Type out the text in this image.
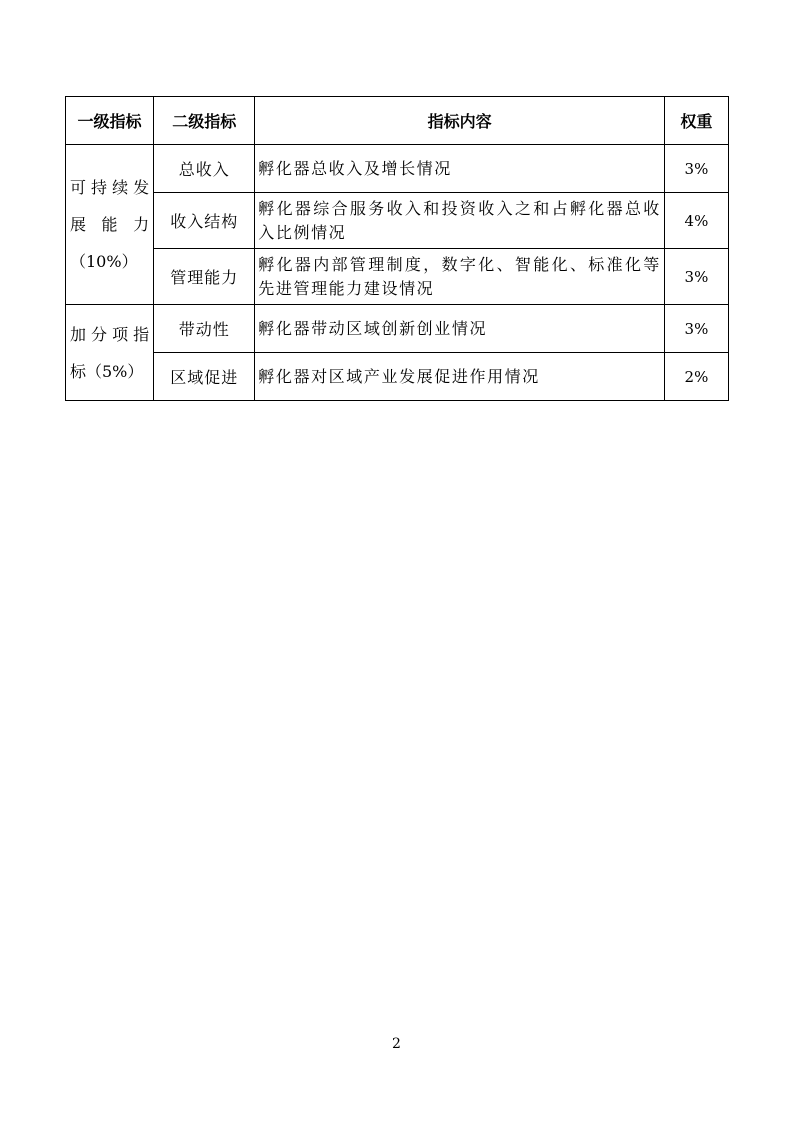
一级指标	二级指标	指标内容	权重
可持续发展 能 力
（10%）	总收入	孵化器总收入及增长情况	3%
	收入结构	孵化器综合服务收入和投资收入之和占孵化器总收入比例情况	4%
	管理能力	孵化器内部管理制度，数字化、智能化、标准化等先进管理能力建设情况	3%
加分项指
标（5%）	带动性	孵化器带动区域创新创业情况	3%
	区域促进	孵化器对区域产业发展促进作用情况	2%
2
